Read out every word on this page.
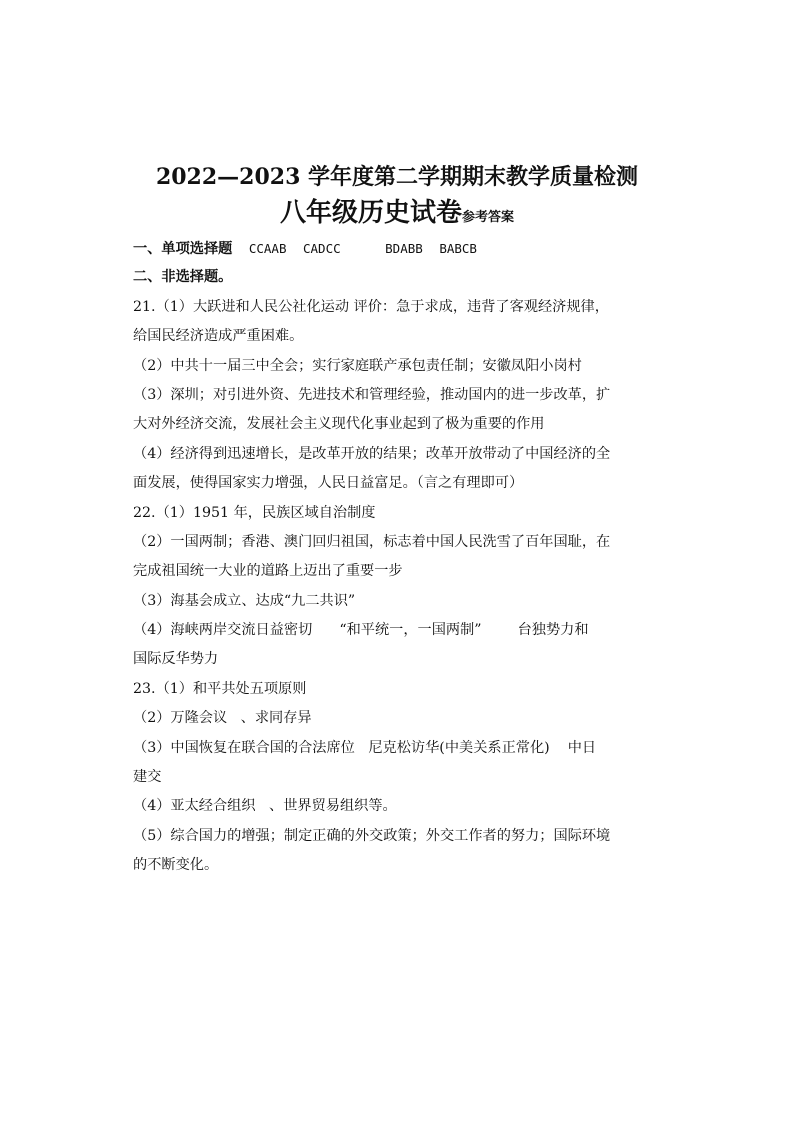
2022—2023 学年度第二学期期末教学质量检测
八年级历史试卷参考答案
一、单项选择题 CCAAB CADCC	BDABB BABCB
二、非选择题。
21.（1）大跃进和人民公社化运动 评价：急于求成，违背了客观经济规律，
给国民经济造成严重困难。
（2）中共十一届三中全会；实行家庭联产承包责任制；安徽凤阳小岗村
（3）深圳；对引进外资、先进技术和管理经验，推动国内的进一步改革，扩
大对外经济交流，发展社会主义现代化事业起到了极为重要的作用
（4）经济得到迅速增长，是改革开放的结果；改革开放带动了中国经济的全
面发展，使得国家实力增强，人民日益富足。（言之有理即可）
22.（1）1951 年，民族区域自治制度
（2）一国两制；香港、澳门回归祖国，标志着中国人民洗雪了百年国耻，在
完成祖国统一大业的道路上迈出了重要一步
（3）海基会成立、达成“九二共识”
（4）海峡两岸交流日益密切      “和平统一，一国两制”        台独势力和
国际反华势力
23.（1）和平共处五项原则
（2）万隆会议   、求同存异
（3）中国恢复在联合国的合法席位   尼克松访华(中美关系正常化)    中日
建交
（4）亚太经合组织   、世界贸易组织等。
（5）综合国力的增强；制定正确的外交政策；外交工作者的努力；国际环境
的不断变化。
